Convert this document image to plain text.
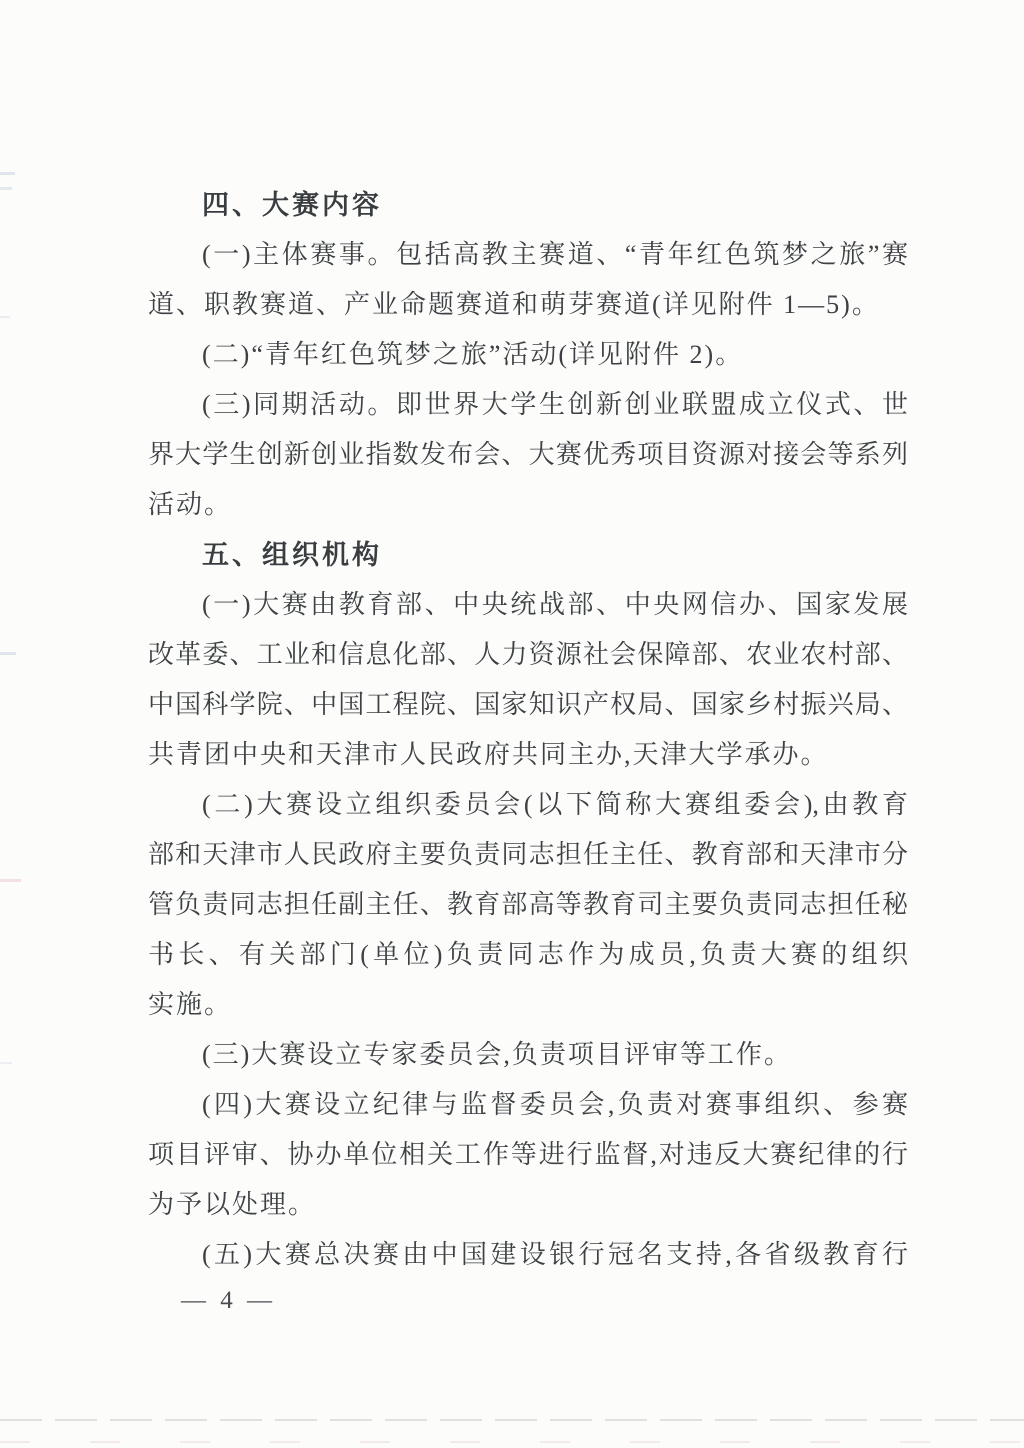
四、大赛内容
(一)主体赛事。包括高教主赛道、“青年红色筑梦之旅”赛
道、职教赛道、产业命题赛道和萌芽赛道(详见附件 1—5)。
(二)“青年红色筑梦之旅”活动(详见附件 2)。
(三)同期活动。即世界大学生创新创业联盟成立仪式、世
界大学生创新创业指数发布会、大赛优秀项目资源对接会等系列
活动。
五、组织机构
(一)大赛由教育部、中央统战部、中央网信办、国家发展
改革委、工业和信息化部、人力资源社会保障部、农业农村部、
中国科学院、中国工程院、国家知识产权局、国家乡村振兴局、
共青团中央和天津市人民政府共同主办,天津大学承办。
(二)大赛设立组织委员会(以下简称大赛组委会),由教育
部和天津市人民政府主要负责同志担任主任、教育部和天津市分
管负责同志担任副主任、教育部高等教育司主要负责同志担任秘
书长、有关部门(单位)负责同志作为成员,负责大赛的组织
实施。
(三)大赛设立专家委员会,负责项目评审等工作。
(四)大赛设立纪律与监督委员会,负责对赛事组织、参赛
项目评审、协办单位相关工作等进行监督,对违反大赛纪律的行
为予以处理。
(五)大赛总决赛由中国建设银行冠名支持,各省级教育行
— 4 —
